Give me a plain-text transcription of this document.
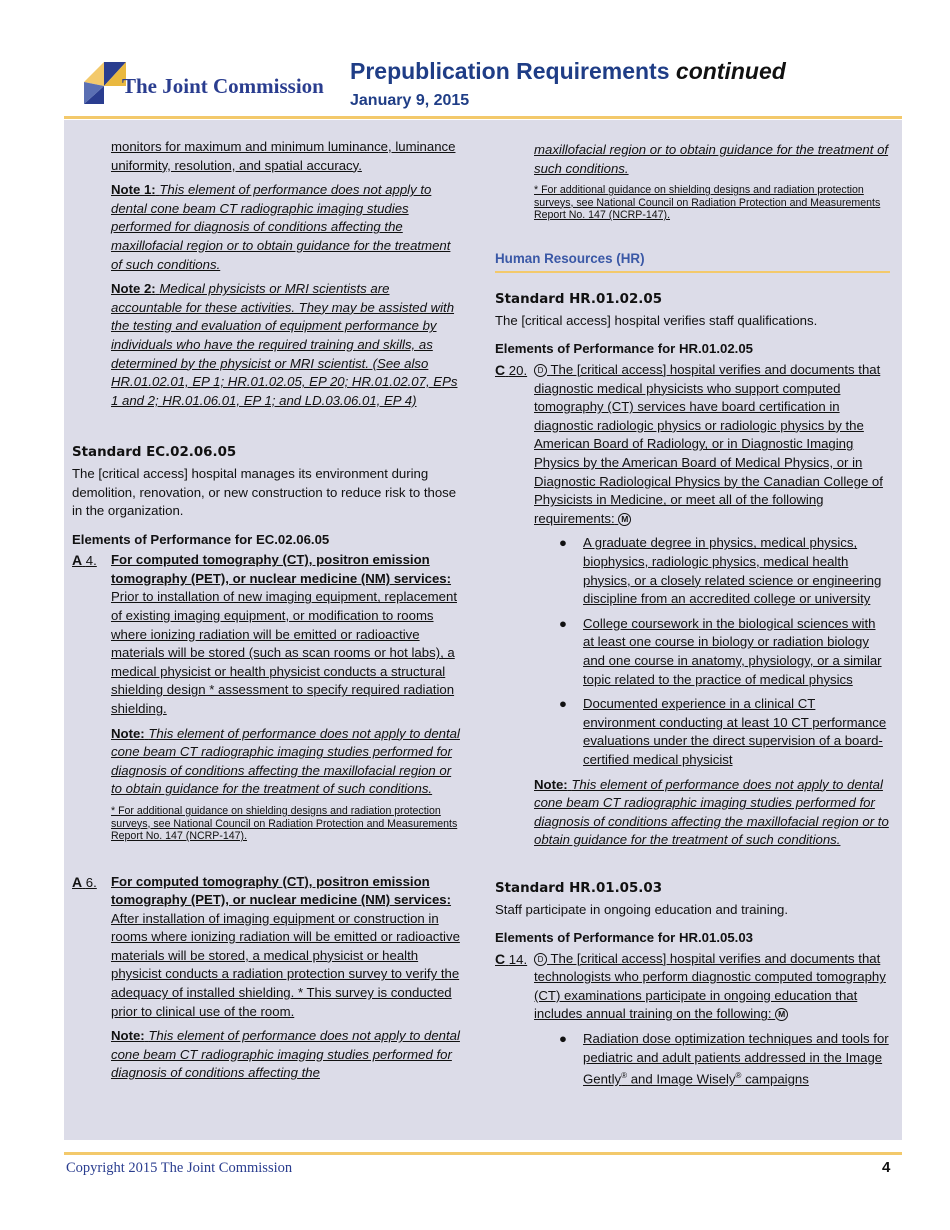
The Joint Commission
Prepublication Requirements continued
January 9, 2015

monitors for maximum and minimum luminance, luminance uniformity, resolution, and spatial accuracy.

Note 1: This element of performance does not apply to dental cone beam CT radiographic imaging studies performed for diagnosis of conditions affecting the maxillofacial region or to obtain guidance for the treatment of such conditions.

Note 2: Medical physicists or MRI scientists are accountable for these activities. They may be assisted with the testing and evaluation of equipment performance by individuals who have the required training and skills, as determined by the physicist or MRI scientist. (See also HR.01.02.01, EP 1; HR.01.02.05, EP 20; HR.01.02.07, EPs 1 and 2; HR.01.06.01, EP 1; and LD.03.06.01, EP 4)

Standard EC.02.06.05

The [critical access] hospital manages its environment during demolition, renovation, or new construction to reduce risk to those in the organization.

Elements of Performance for EC.02.06.05
A 4. For computed tomography (CT), positron emission tomography (PET), or nuclear medicine (NM) services: Prior to installation of new imaging equipment, replacement of existing imaging equipment, or modification to rooms where ionizing radiation will be emitted or radioactive materials will be stored (such as scan rooms or hot labs), a medical physicist or health physicist conducts a structural shielding design * assessment to specify required radiation shielding.

Note: This element of performance does not apply to dental cone beam CT radiographic imaging studies performed for diagnosis of conditions affecting the maxillofacial region or to obtain guidance for the treatment of such conditions.

* For additional guidance on shielding designs and radiation protection surveys, see National Council on Radiation Protection and Measurements Report No. 147 (NCRP-147).

A 6. For computed tomography (CT), positron emission tomography (PET), or nuclear medicine (NM) services: After installation of imaging equipment or construction in rooms where ionizing radiation will be emitted or radioactive materials will be stored, a medical physicist or health physicist conducts a radiation protection survey to verify the adequacy of installed shielding. * This survey is conducted prior to clinical use of the room.

Note: This element of performance does not apply to dental cone beam CT radiographic imaging studies performed for diagnosis of conditions affecting the

maxillofacial region or to obtain guidance for the treatment of such conditions.

* For additional guidance on shielding designs and radiation protection surveys, see National Council on Radiation Protection and Measurements Report No. 147 (NCRP-147).

Human Resources (HR)
Standard HR.01.02.05

The [critical access] hospital verifies staff qualifications.

Elements of Performance for HR.01.02.05
C 20.	D The [critical access] hospital verifies and documents that diagnostic medical physicists who support computed tomography (CT) services have board certification in diagnostic radiologic physics or radiologic physics by the American Board of Radiology, or in Diagnostic Imaging Physics by the American Board of Medical Physics, or in Diagnostic Radiological Physics by the Canadian College of Physicists in Medicine, or meet all of the following requirements: M

● A graduate degree in physics, medical physics, biophysics, radiologic physics, medical health physics, or a closely related science or engineering discipline from an accredited college or university
● College coursework in the biological sciences with at least one course in biology or radiation biology and one course in anatomy, physiology, or a similar topic related to the practice of medical physics
● Documented experience in a clinical CT environment conducting at least 10 CT performance evaluations under the direct supervision of a board-certified medical physicist

Note: This element of performance does not apply to dental cone beam CT radiographic imaging studies performed for diagnosis of conditions affecting the maxillofacial region or to obtain guidance for the treatment of such conditions.

Standard HR.01.05.03

Staff participate in ongoing education and training.

Elements of Performance for HR.01.05.03
C 14.	D The [critical access] hospital verifies and documents that technologists who perform diagnostic computed tomography (CT) examinations participate in ongoing education that includes annual training on the following: M

● Radiation dose optimization techniques and tools for pediatric and adult patients addressed in the Image Gently® and Image Wisely® campaigns
Copyright 2015 The Joint Commission	4
